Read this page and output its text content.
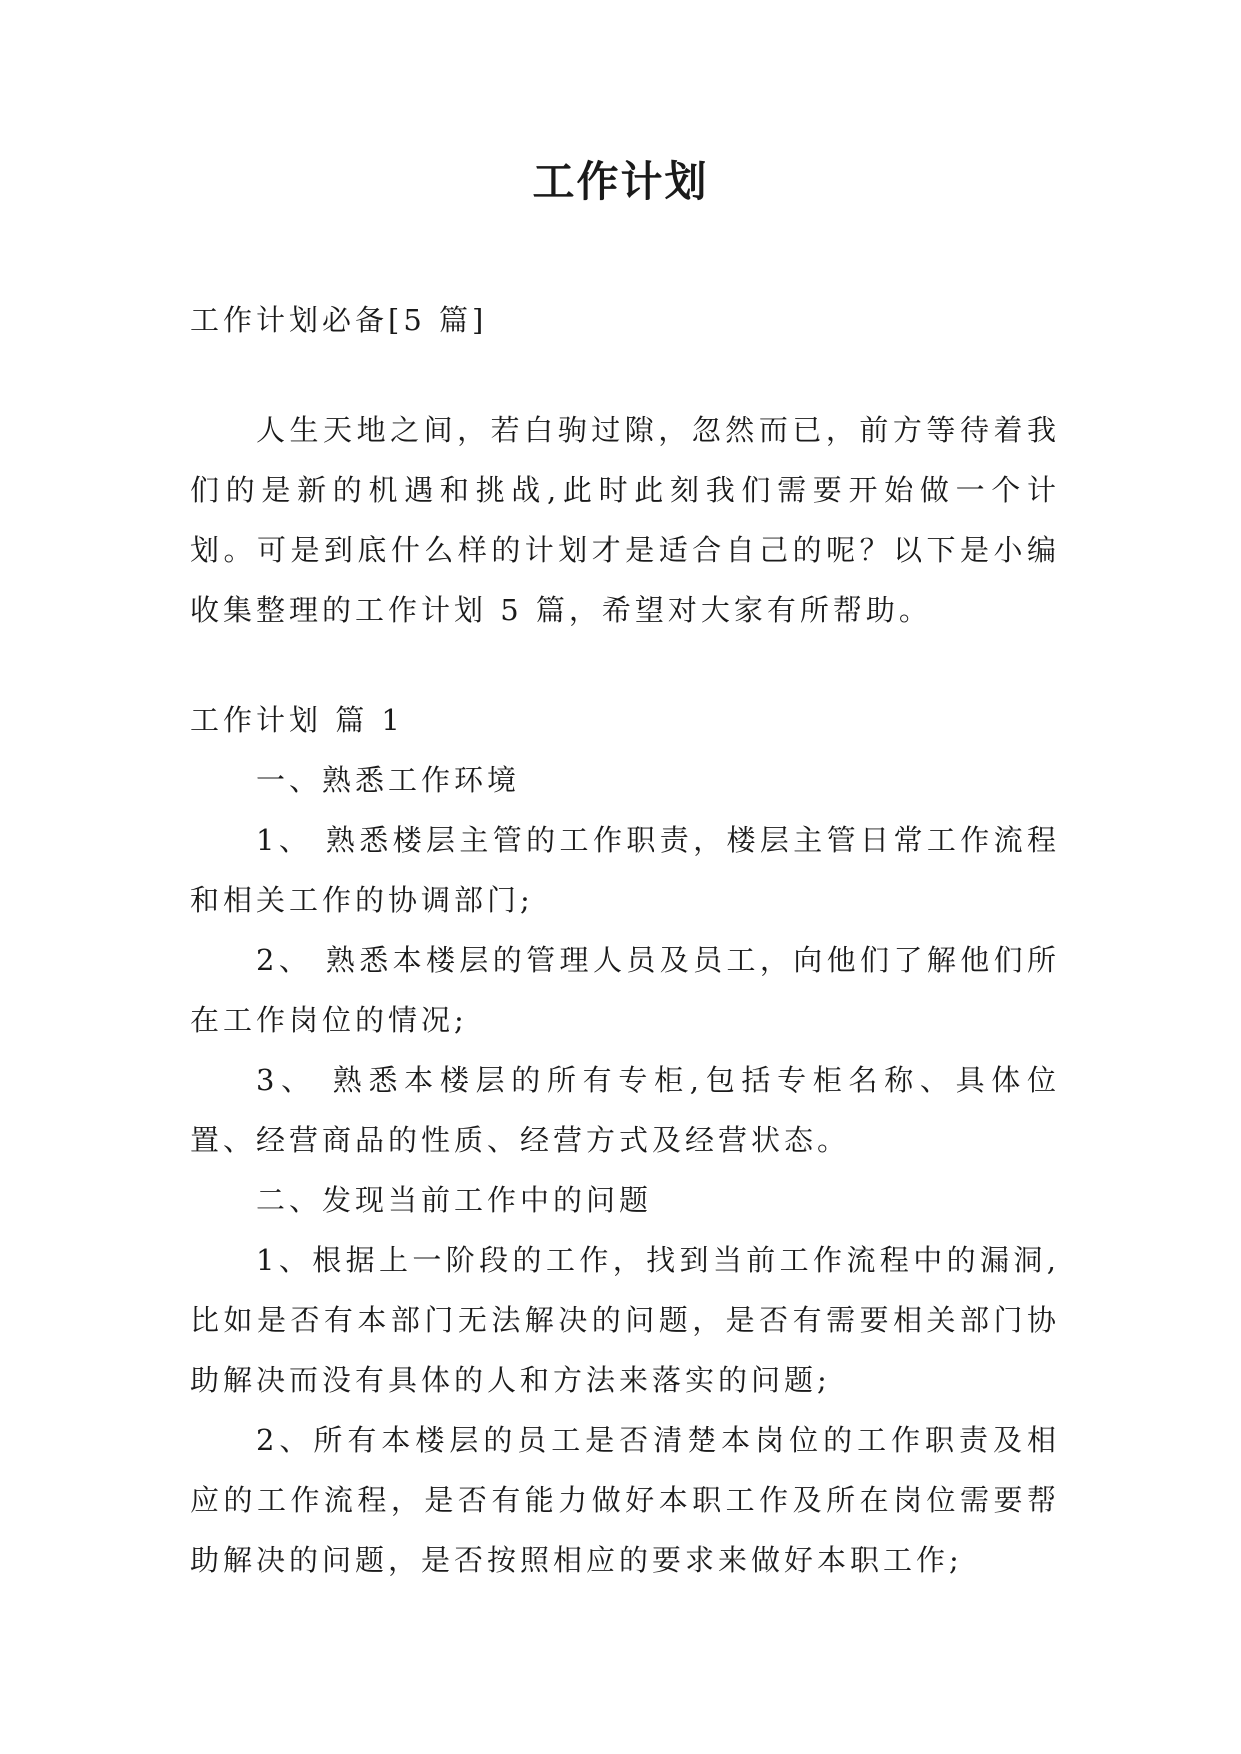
工作计划
工作计划必备[5 篇]
人生天地之间，若白驹过隙，忽然而已，前方等待着我们的是新的机遇和挑战,此时此刻我们需要开始做一个计划。可是到底什么样的计划才是适合自己的呢？以下是小编收集整理的工作计划 5 篇，希望对大家有所帮助。

工作计划 篇 1

一、熟悉工作环境

1、 熟悉楼层主管的工作职责，楼层主管日常工作流程和相关工作的协调部门;

2、 熟悉本楼层的管理人员及员工，向他们了解他们所在工作岗位的情况;

3、 熟悉本楼层的所有专柜,包括专柜名称、具体位置、经营商品的性质、经营方式及经营状态。

二、发现当前工作中的问题

1、根据上一阶段的工作，找到当前工作流程中的漏洞,比如是否有本部门无法解决的问题，是否有需要相关部门协助解决而没有具体的人和方法来落实的问题;

2、所有本楼层的员工是否清楚本岗位的工作职责及相应的工作流程，是否有能力做好本职工作及所在岗位需要帮助解决的问题，是否按照相应的要求来做好本职工作;
